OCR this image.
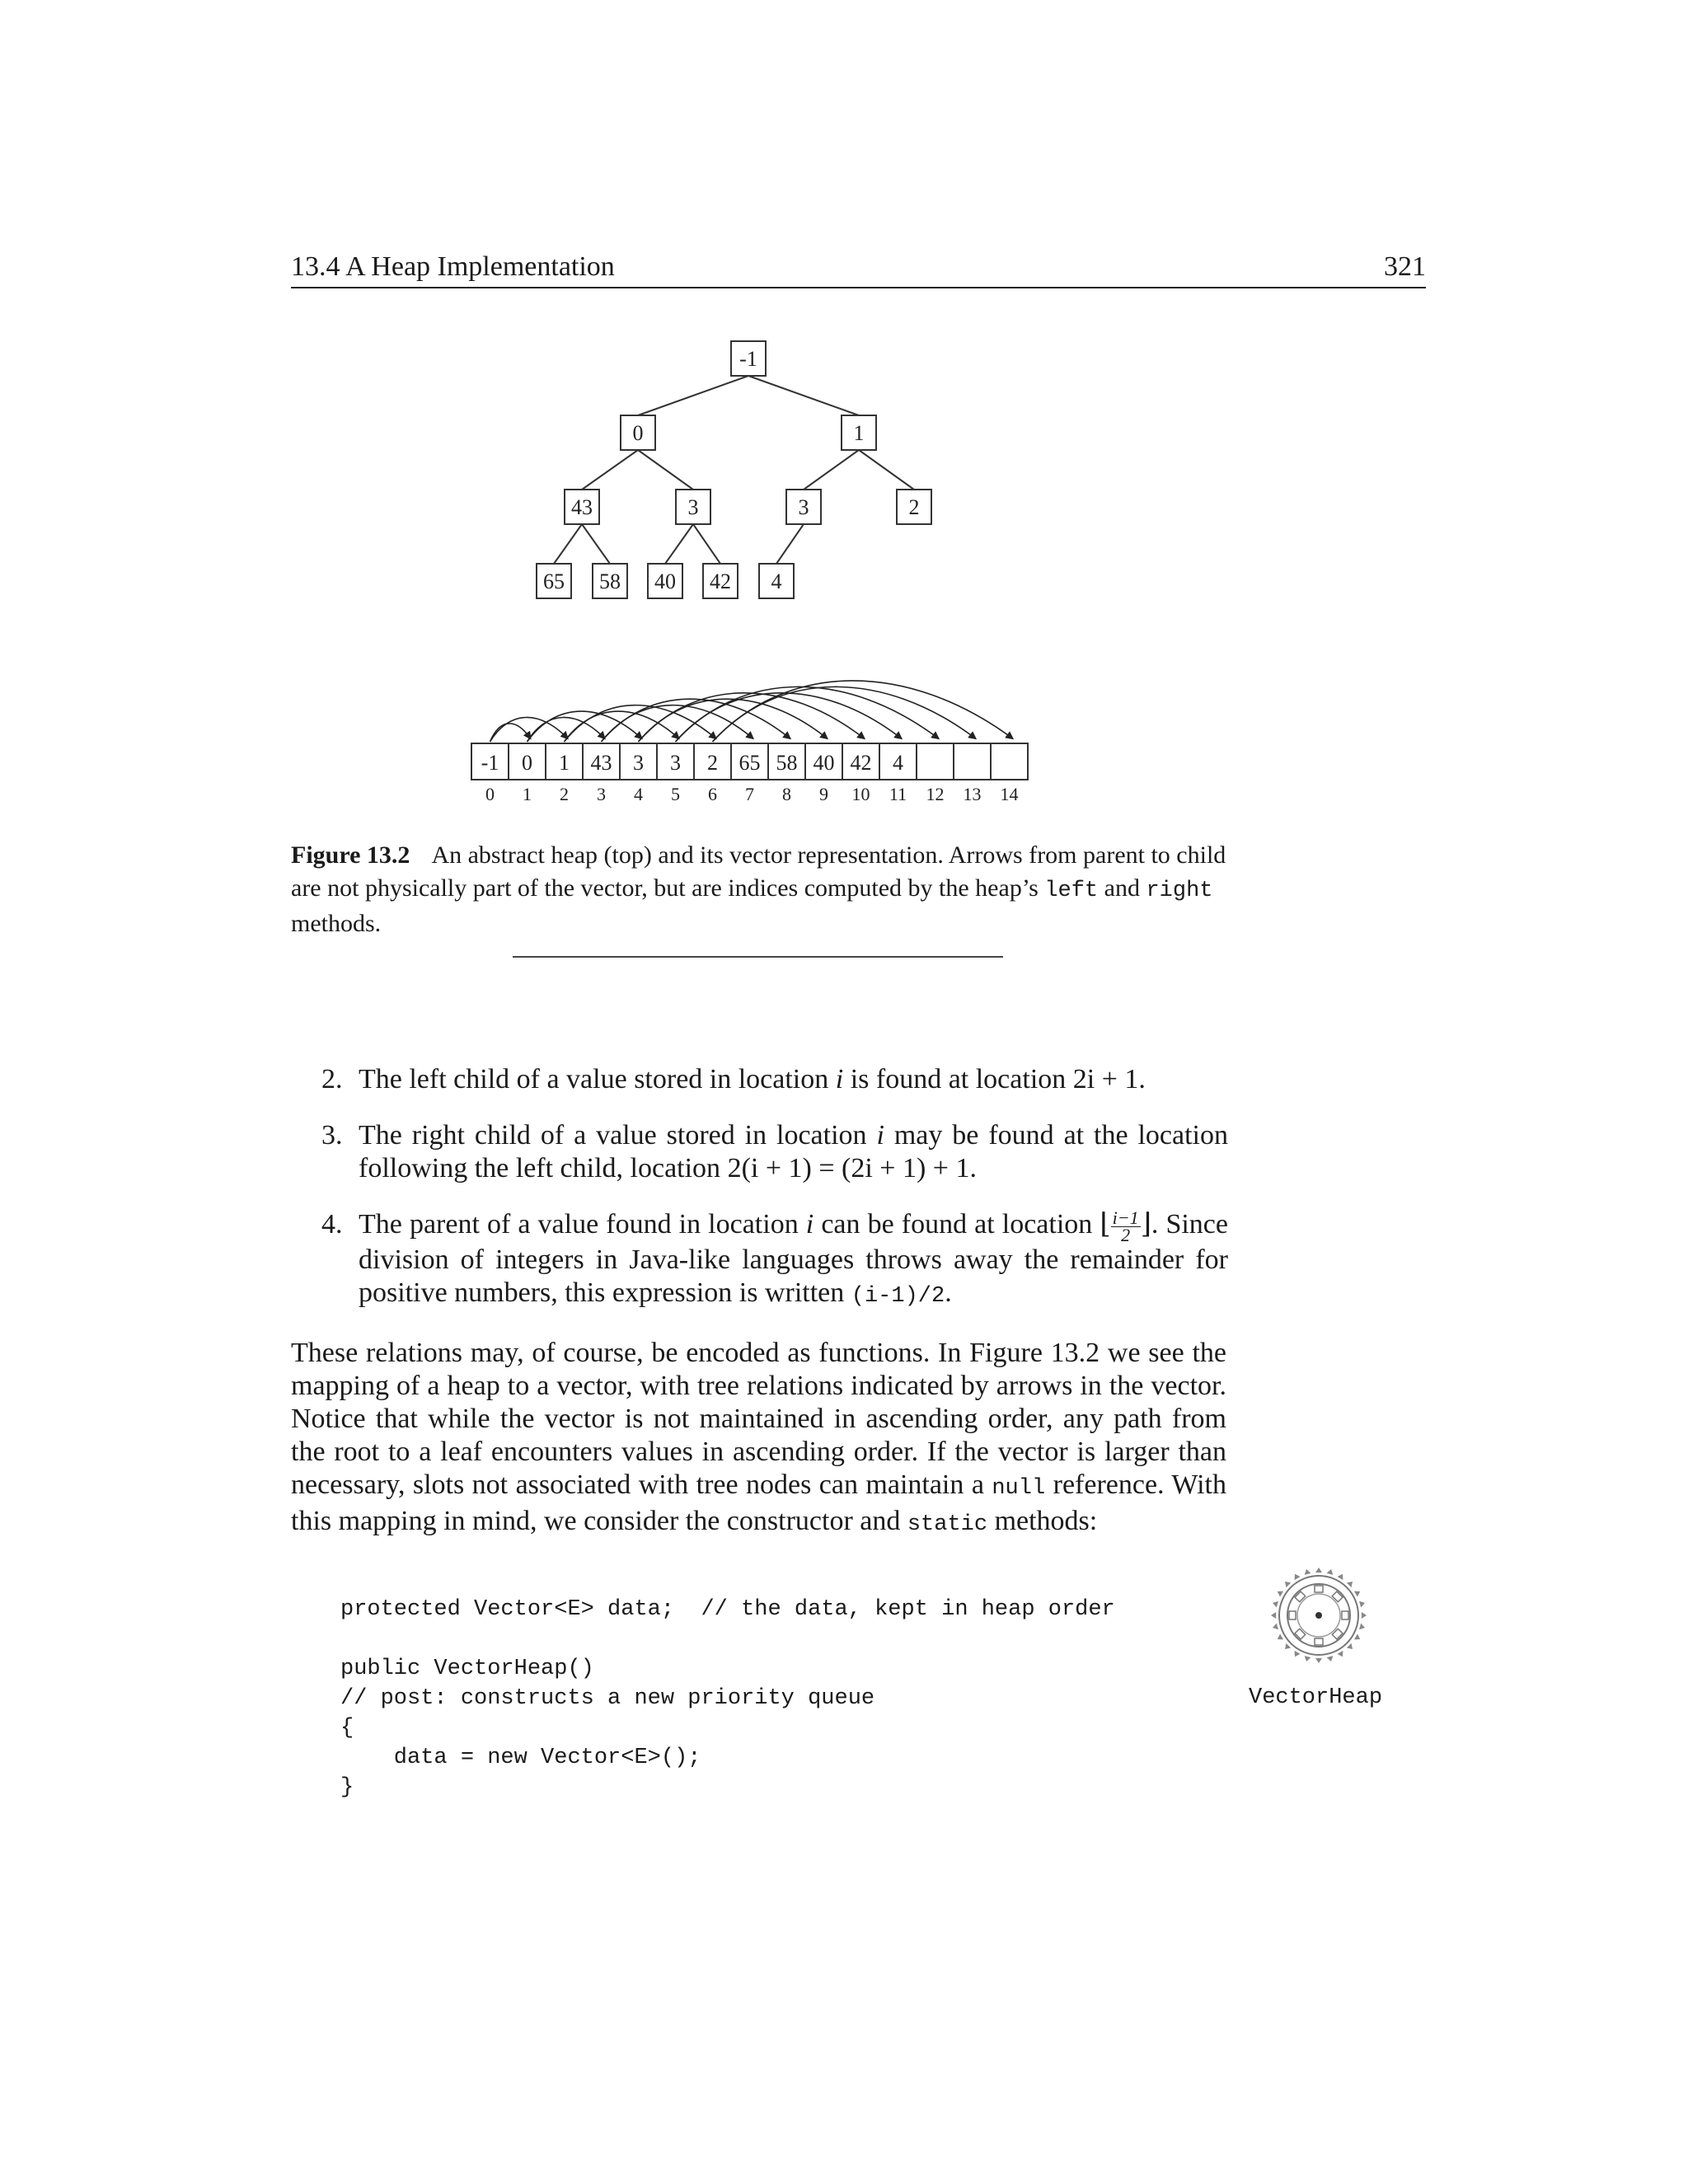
13.4 A Heap Implementation	321
-1
0	1
43	3	3	2
65 58 40 42 4
-1 0 1 43 3 3 2 65 58 40 42 4
0 1 2 3 4 5 6 7 8 9 10 11 12 13 14
Figure 13.2 An abstract heap (top) and its vector representation. Arrows from parent to child are not physically part of the vector, but are indices computed by the heap’s left and right methods.
2. The left child of a value stored in location i is found at location 2i + 1.
3. The right child of a value stored in location i may be found at the location following the left child, location 2(i + 1) = (2i + 1) + 1.
4. The parent of a value found in location i can be found at location ⌊ $\frac{i-1}{2}$ ⌋. Since division of integers in Java-like languages throws away the remainder for positive numbers, this expression is written (i-1)/2.
These relations may, of course, be encoded as functions. In Figure 13.2 we see the mapping of a heap to a vector, with tree relations indicated by arrows in the vector. Notice that while the vector is not maintained in ascending order, any path from the root to a leaf encounters values in ascending order. If the vector is larger than necessary, slots not associated with tree nodes can maintain a null reference. With this mapping in mind, we consider the constructor and static methods:
protected Vector<E> data;  // the data, kept in heap order

public VectorHeap()
// post: constructs a new priority queue
{
data = new Vector<E>();
}
VectorHeap
